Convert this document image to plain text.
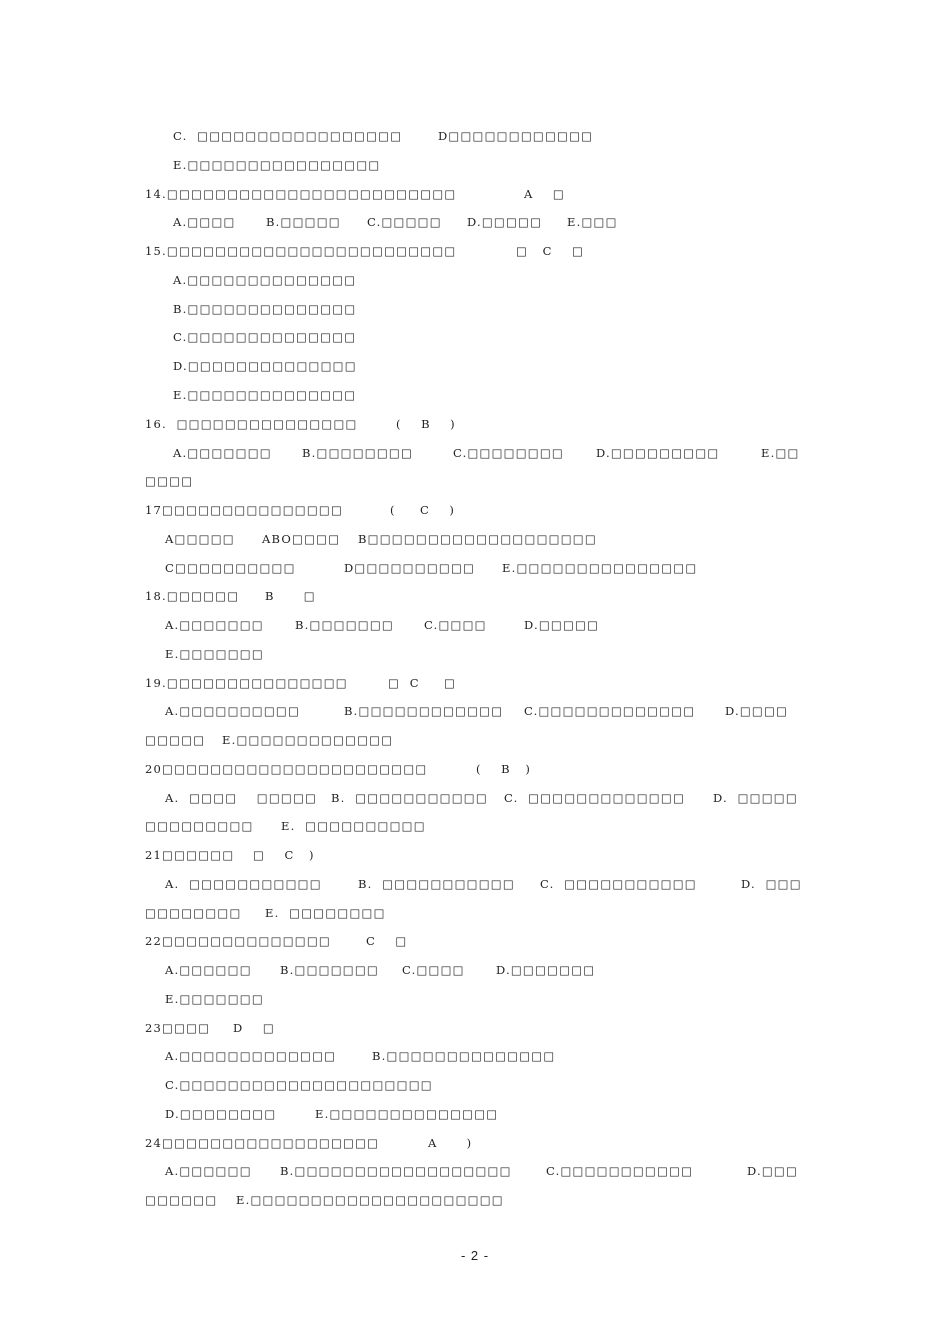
C.  □□□□□□□□□□□□□□□□□	D□□□□□□□□□□□□
E.□□□□□□□□□□□□□□□□
14.□□□□□□□□□□□□□□□□□□□□□□□□	A    □
A.□□□□	B.□□□□□ C.□□□□□ D.□□□□□ E.□□□
15.□□□□□□□□□□□□□□□□□□□□□□□□	□   C    □
A.□□□□□□□□□□□□□□
B.□□□□□□□□□□□□□□
C.□□□□□□□□□□□□□□
D.□□□□□□□□□□□□□□
E.□□□□□□□□□□□□□□
16.  □□□□□□□□□□□□□□□	(    B    )
A.□□□□□□□	B.□□□□□□□□	C.□□□□□□□□	D.□□□□□□□□□	E.□□
□□□□
17□□□□□□□□□□□□□□□	(     C    )
A□□□□□ ABO□□□□ B□□□□□□□□□□□□□□□□□□□
C□□□□□□□□□□	D□□□□□□□□□□ E.□□□□□□□□□□□□□□□
18.□□□□□□ B      □
A.□□□□□□□	B.□□□□□□□	C.□□□□	D.□□□□□
E.□□□□□□□
19.□□□□□□□□□□□□□□□	□  C     □
A.□□□□□□□□□□	B.□□□□□□□□□□□□ C.□□□□□□□□□□□□□	D.□□□□
□□□□□ E.□□□□□□□□□□□□□
20□□□□□□□□□□□□□□□□□□□□□□	(    B   )
A.  □□□□    □□□□□ B.  □□□□□□□□□□□ C.  □□□□□□□□□□□□□ D.  □□□□□
□□□□□□□□□ E.  □□□□□□□□□□
21□□□□□□ □    C   )
A.  □□□□□□□□□□□	B.  □□□□□□□□□□□ C.  □□□□□□□□□□□	D.  □□□
□□□□□□□□ E.  □□□□□□□□
22□□□□□□□□□□□□□□	C    □
A.□□□□□□ B.□□□□□□□ C.□□□□	D.□□□□□□□
E.□□□□□□□
23□□□□ D    □
A.□□□□□□□□□□□□□	B.□□□□□□□□□□□□□□
C.□□□□□□□□□□□□□□□□□□□□□
D.□□□□□□□□	E.□□□□□□□□□□□□□□
24□□□□□□□□□□□□□□□□□□	A      )
A.□□□□□□ B.□□□□□□□□□□□□□□□□□□	C.□□□□□□□□□□□	D.□□□
□□□□□□ E.□□□□□□□□□□□□□□□□□□□□□
- 2 -
